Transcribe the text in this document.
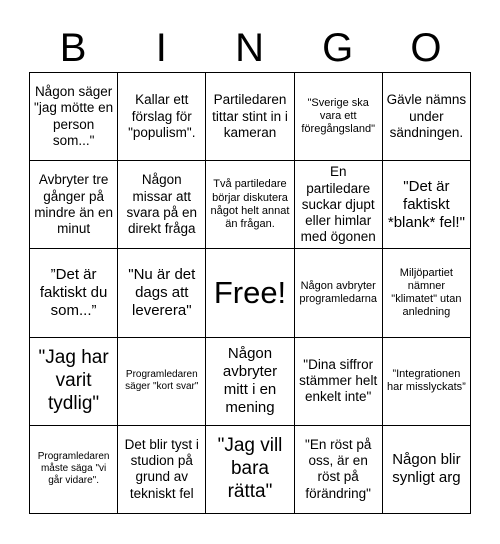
B	I	N	G	O
Någon säger "jag mötte en person som..."
Kallar ett förslag för "populism".
Partiledaren tittar stint in i kameran
"Sverige ska vara ett föregångsland"
Gävle nämns under sändningen.
Avbryter tre gånger på mindre än en minut
Någon missar att svara på en direkt fråga
Två partiledare börjar diskutera något helt annat än frågan.
En partiledare suckar djupt eller himlar med ögonen
"Det är faktiskt *blank* fel!"
”Det är faktiskt du som...”
"Nu är det dags att leverera"
Free!	Någon avbryter programledarna
Miljöpartiet nämner "klimatet" utan anledning
"Jag har varit tydlig"
Programledaren säger "kort svar"
Någon avbryter mitt i en mening
"Dina siffror stämmer helt enkelt inte"
”Integrationen har misslyckats”
Programledaren måste säga "vi går vidare".
Det blir tyst i studion på grund av tekniskt fel
"Jag vill bara rätta"
"En röst på oss, är en röst på förändring"
Någon blir synligt arg
